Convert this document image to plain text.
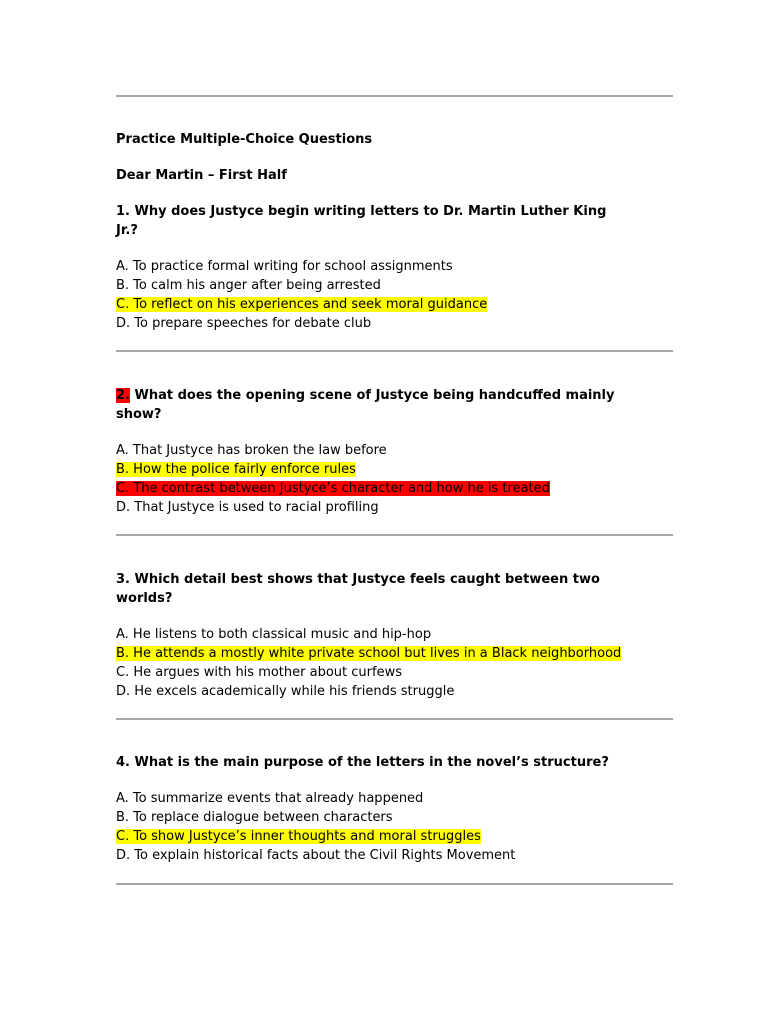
Practice Multiple-Choice Questions
Dear Martin – First Half
1. Why does Justyce begin writing letters to Dr. Martin Luther King
Jr.?
A. To practice formal writing for school assignments
B. To calm his anger after being arrested
C. To reflect on his experiences and seek moral guidance
D. To prepare speeches for debate club
2. What does the opening scene of Justyce being handcuffed mainly
show?
A. That Justyce has broken the law before
B. How the police fairly enforce rules
C. The contrast between Justyce’s character and how he is treated
D. That Justyce is used to racial profiling
3. Which detail best shows that Justyce feels caught between two
worlds?
A. He listens to both classical music and hip-hop
B. He attends a mostly white private school but lives in a Black neighborhood
C. He argues with his mother about curfews
D. He excels academically while his friends struggle
4. What is the main purpose of the letters in the novel’s structure?
A. To summarize events that already happened
B. To replace dialogue between characters
C. To show Justyce’s inner thoughts and moral struggles
D. To explain historical facts about the Civil Rights Movement
